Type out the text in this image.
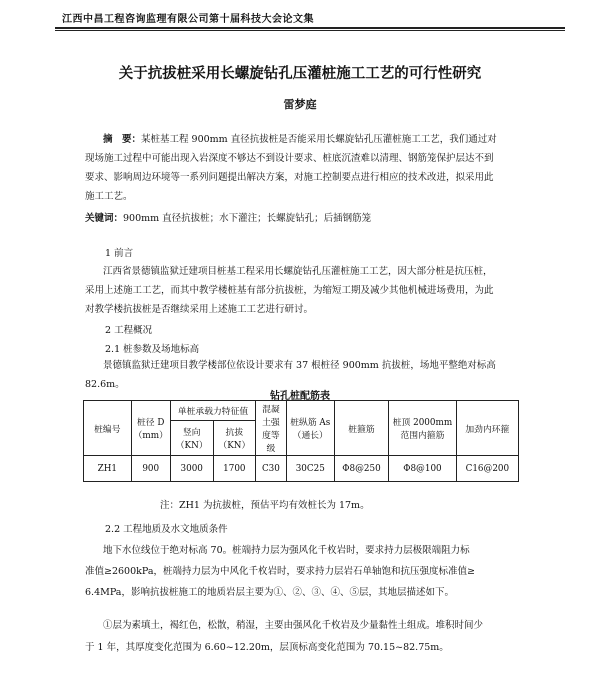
江西中昌工程咨询监理有限公司第十届科技大会论文集
关于抗拔桩采用长螺旋钻孔压灌桩施工工艺的可行性研究
雷梦庭
摘　要：某桩基工程 900mm 直径抗拔桩是否能采用长螺旋钻孔压灌桩施工工艺，我们通过对
现场施工过程中可能出现入岩深度不够达不到设计要求、桩底沉渣难以清理、钢筋笼保护层达不到
要求、影响周边环境等一系列问题提出解决方案，对施工控制要点进行相应的技术改进，拟采用此
施工工艺。
关键词：900mm 直径抗拔桩；水下灌注；长螺旋钻孔；后插钢筋笼
1 前言
江西省景德镇监狱迁建项目桩基工程采用长螺旋钻孔压灌桩施工工艺，因大部分桩是抗压桩，
采用上述施工工艺，而其中教学楼桩基有部分抗拔桩，为缩短工期及减少其他机械进场费用，为此
对教学楼抗拔桩是否继续采用上述施工工艺进行研讨。
2 工程概况
2.1 桩参数及场地标高
景德镇监狱迁建项目教学楼部位依设计要求有 37 根桩径 900mm 抗拔桩，场地平整绝对标高
82.6m。
钻孔桩配筋表
桩编号	桩径 D（mm）	单桩承载力特征值		混凝土强度等级	桩纵筋 As（通长）	桩箍筋	桩顶 2000mm 范围内箍筋	加劲内环箍
		竖向（KN）	抗拔（KN）					
ZH1	900	3000	1700	C30	30C25	Φ8@250	Φ8@100	C16@200
注：ZH1 为抗拔桩，预估平均有效桩长为 17m。
2.2 工程地质及水文地质条件
地下水位线位于绝对标高 70。桩端持力层为强风化千枚岩时，要求持力层极限端阻力标
准值≥2600kPa，桩端持力层为中风化千枚岩时，要求持力层岩石单轴饱和抗压强度标准值≥
6.4MPa，影响抗拔桩施工的地质岩层主要为①、②、③、④、⑤层，其地层描述如下。
①层为素填土，褐红色，松散，稍湿，主要由强风化千枚岩及少量黏性土组成。堆积时间少
于 1 年，其厚度变化范围为 6.60~12.20m，层顶标高变化范围为 70.15~82.75m。
